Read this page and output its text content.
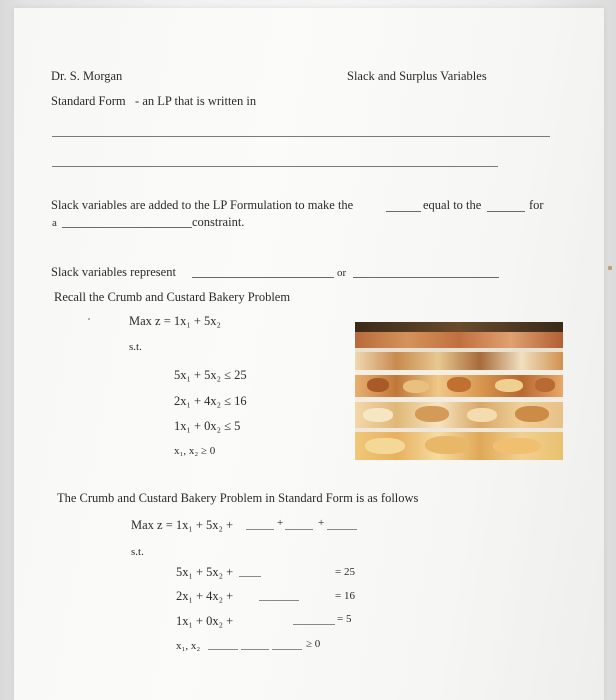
Dr. S. Morgan	Slack and Surplus Variables
Standard Form - an LP that is written in
Slack variables are added to the LP Formulation to make the	equal to the	for
a	constraint.
Slack variables represent	or
Recall the Crumb and Custard Bakery Problem
Max z = 1x₁ + 5x₂
s.t.
5x₁ + 5x₂ ≤ 25
2x₁ + 4x₂ ≤ 16
1x₁ + 0x₂ ≤ 5
x₁, x₂ ≥ 0
The Crumb and Custard Bakery Problem in Standard Form is as follows
Max z = 1x₁ + 5x₂ +	+	+
s.t.
5x₁ + 5x₂ +	= 25
2x₁ + 4x₂ +	= 16
1x₁ + 0x₂ +	= 5
x₁, x₂	≥ 0
